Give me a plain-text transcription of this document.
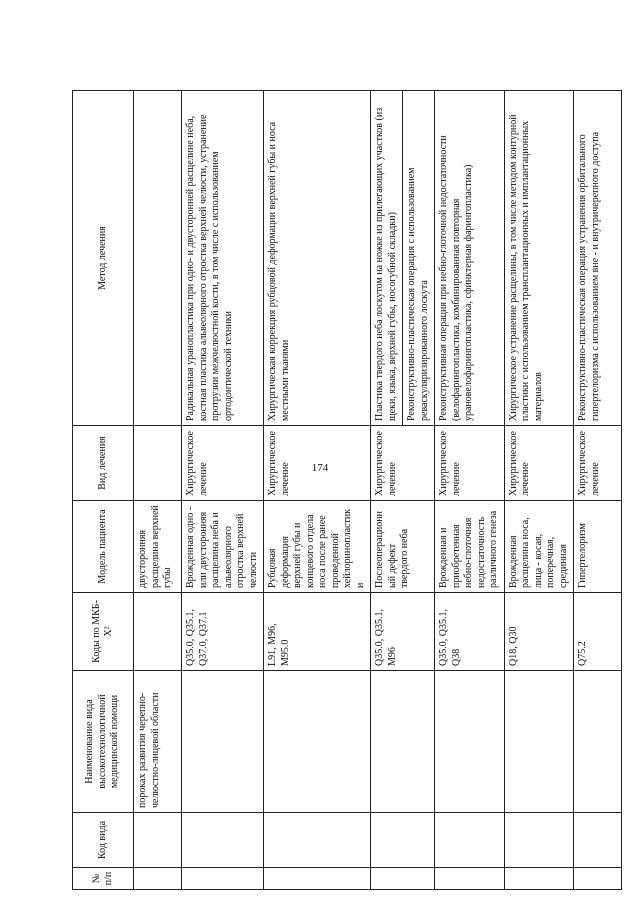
174
№ п/п	Код вида	Наименование вида высокотехнологичной медицинской помощи	Коды по МКБ-Х²	Модель пациента	Вид лечения	Метод лечения

		пороках развития черепно-челюстно-лицевой области		двусторонняя расщелина верхней губы		

			Q35.0, Q35.1, Q37.0, Q37.1	Врожденная одно - или двусторонняя расщелина неба и альвеолярного отростка верхней челюсти	Хирургическое лечение	Радикальная уранопластика при одно- и двусторонней расщелине неба, костная пластика альвеолярного отростка верхней челюсти, устранение протрузии межчелюстной кости, в том числе с использованием ортодонтической техники

			L91, M96, M95.0	Рубцовая деформация верхней губы и концевого отдела носа после ранее проведенной хейлоринопластики	Хирургическое лечение	Хирургическая коррекция рубцовой деформации верхней губы и носа местными тканями

			Q35.0, Q35.1, M96	Послеоперационный дефект твердого неба	Хирургическое лечение	Пластика твердого неба лоскутом на ножке из прилегающих участков (из щеки, языка, верхней губы, носогубной складки) Реконструктивно-пластическая операция с использованием реваскуляризированного лоскута

			Q35.0, Q35.1, Q38	Врожденная и приобретенная небно-глоточная недостаточность различного генеза	Хирургическое лечение	Реконструктивная операция при небно-глоточной недостаточности (велофарингопластика, комбинированная повторная урановелофарингопластика, сфинктерная фарингопластика)

			Q18, Q30	Врожденная расщелина носа, лица - косая, поперечная, срединная	Хирургическое лечение	Хирургическое устранение расщелины, в том числе методом контурной пластики с использованием трансплантационных и имплантационных материалов

			Q75.2	Гипертелоризм	Хирургическое лечение	Реконструктивно-пластическая операция устранения орбитального гипертелоризма с использованием вне - и внутричерепного доступа
